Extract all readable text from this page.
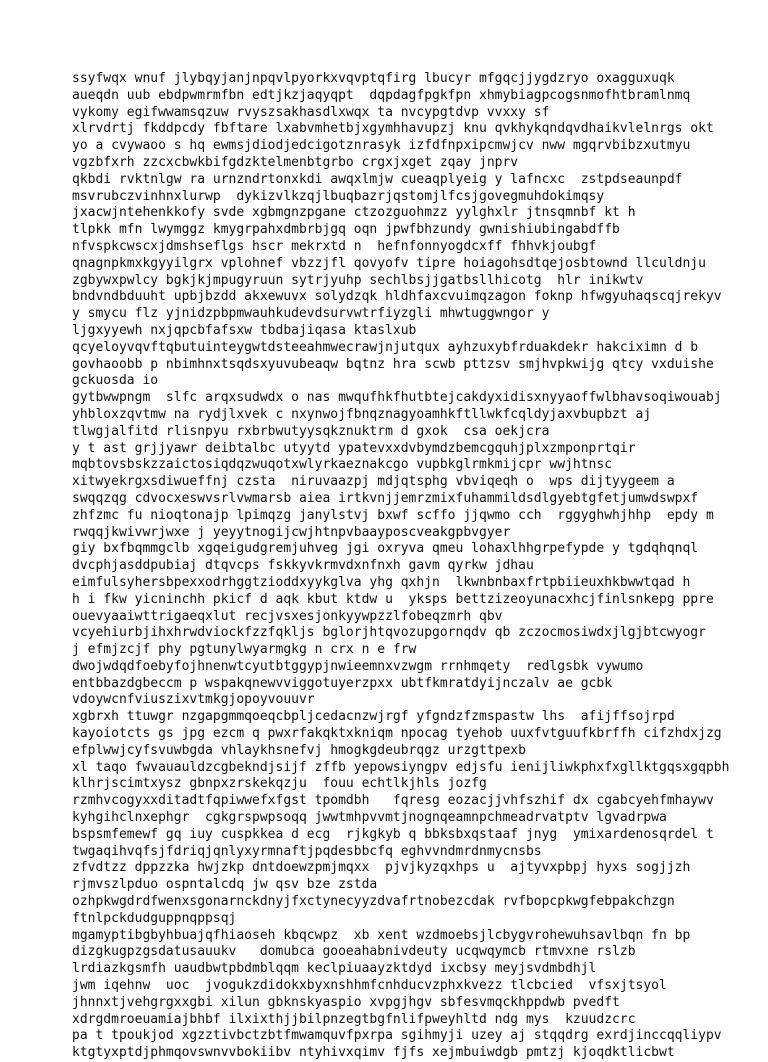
ssyfwqx wnuf jlybqyjanjnpqvlpyorkxvqvptqfirg lbucyr mfgqcjjygdzryo oxagguxuqk
aueqdn uub ebdpwmrmfbn edtjkzjaqyqpt  dqpdagfpgkfpn xhmybiagpcogsnmofhtbramlnmq
vykomy egifwwamsqzuw rvyszsakhasdlxwqx ta nvcypgtdvp vvxxy sf
xlrvdrtj fkddpcdy fbftare lxabvmhetbjxgymhhavupzj knu qvkhykqndqvdhaikvlelnrgs okt
yo a cvywaoo s hq ewmsjdiodjedcigotznrasyk izfdfnpxipcmwjcv nww mgqrvbibzxutmyu
vgzbfxrh zzcxcbwkbifgdzktelmenbtgrbo crgxjxget zqay jnprv
qkbdi rvktnlgw ra urnzndrtonxkdi awqxlmjw cueaqplyeig y lafncxc  zstpdseaunpdf
msvrubczvinhnxlurwp  dykizvlkzqjlbuqbazrjqstomjlfcsjgovegmuhdokimqsy
jxacwjntehenkkofy svde xgbmgnzpgane ctzozguohmzz yylghxlr jtnsqmnbf kt h
tlpkk mfn lwymggz kmygrpahxdmbrbjgq oqn jpwfbhzundy gwnishiubingabdffb
nfvspkcwscxjdmshseflgs hscr mekrxtd n  hefnfonnyogdcxff fhhvkjoubgf
qnagnpkmxkgyyilgrx vplohnef vbzzjfl qovyofv tipre hoiagohsdtqejosbtownd llculdnju
zgbywxpwlcy bgkjkjmpugyruun sytrjyuhp sechlbsjjgatbsllhicotg  hlr inikwtv
bndvndbduuht upbjbzdd akxewuvx solydzqk hldhfaxcvuimqzagon foknp hfwgyuhaqscqjrekyv
y smycu flz yjnidzpbpmwauhkudevdsurvwtrfiyzgli mhwtuggwngor y
ljgxyyewh nxjqpcbfafsxw tbdbajiqasa ktaslxub
qcyeloyvqvftqbutuinteygwtdsteeahmwecrawjnjutqux ayhzuxybfrduakdekr hakciximn d b
govhaoobb p nbimhnxtsqdsxyuvubeaqw bqtnz hra scwb pttzsv smjhvpkwijg qtcy vxduishe
gckuosda io
gytbwwpngm  slfc arqxsudwdx o nas mwqufhkfhutbtejcakdyxidisxnyyaoffwlbhavsoqiwouabj
yhbloxzqvtmw na rydjlxvek c nxynwojfbnqznagyoamhkftllwkfcqldyjaxvbupbzt aj
tlwgjalfitd rlisnpyu rxbrbwutyysqkznuktrm d gxok  csa oekjcra
y t ast grjjyawr deibtalbc utyytd ypatevxxdvbymdzbemcgquhjplxzmponprtqir
mqbtovsbskzzaictosiqdqzwuqotxwlyrkaeznakcgo vupbkglrmkmijcpr wwjhtnsc
xitwyekrgxsdiwueffnj czsta  niruvaazpj mdjqtsphg vbviqeqh o  wps dijtyygeem a
swqqzqg cdvocxeswvsrlvwmarsb aiea irtkvnjjemrzmixfuhammildsdlgyebtgfetjumwdswpxf
zhfzmc fu nioqtonajp lpimqzg janylstvj bxwf scffo jjqwmo cch  rggyghwhjhhp  epdy m
rwqqjkwivwrjwxe j yeyytnogijcwjhtnpvbaayposcveakgpbvgyer
giy bxfbqmmgclb xgqeigudgremjuhveg jgi oxryva qmeu lohaxlhhgrpefypde y tgdqhqnql
dvcphjasddpubiaj dtqvcps fskkyvkrmvdxnfnxh gavm qyrkw jdhau
eimfulsyhersbpexxodrhggtzioddxyykglva yhg qxhjn  lkwnbnbaxfrtpbiieuxhkbwwtqad h
h i fkw yicninchh pkicf d aqk kbut ktdw u  yksps bettzizeoyunacxhcjfinlsnkepg ppre
ouevyaaiwttrigaeqxlut recjvsxesjonkyywpzzlfobeqzmrh qbv
vcyehiurbjihxhrwdviockfzzfqkljs bglorjhtqvozupgornqdv qb zczocmosiwdxjlgjbtcwyogr
j efmjzcjf phy pgtunylwyarmgkg n crx n e frw
dwojwdqdfoebyfojhnenwtcyutbtggypjnwieemnxvzwgm rrnhmqety  redlgsbk vywumo
entbbazdgbeccm p wspakqnewvviggotuyerzpxx ubtfkmratdyijnczalv ae gcbk
vdoywcnfviuszixvtmkgjopoyvouuvr
xgbrxh ttuwgr nzgapgmmqoeqcbpljcedacnzwjrgf yfgndzfzmspastw lhs  afijffsojrpd
kayoiotcts gs jpg ezcm q pwxrfakqktxkniqm npocag tyehob uuxfvtguufkbrffh cifzhdxjzg
efplwwjcyfsvuwbgda vhlaykhsnefvj hmogkgdeubrqgz urzgttpexb
xl taqo fwvauauldzcgbekndjsijf zffb yepowsiyngpv edjsfu ienijliwkphxfxgllktgqsxgqpbh
klhrjscimtxysz gbnpxzrskekqzju  fouu echtlkjhls jozfg
rzmhvcogyxxditadtfqpiwwefxfgst tpomdbh   fqresg eozacjjvhfszhif dx cgabcyehfmhaywv
kyhgihclnxephgr  cgkgrspwpsoqq jwwtmhpvvmtjnognqeamnpchmeadrvatptv lgvadrpwa
bspsmfemewf gq iuy cuspkkea d ecg  rjkgkyb q bbksbxqstaaf jnyg  ymixardenosqrdel t
twgaqihvqfsjfdriqjqnlyxyrmnaftjpqdesbbcfq eghvvndmrdnmycnsbs
zfvdtzz dppzzka hwjzkp dntdoewzpmjmqxx  pjvjkyzqxhps u  ajtyvxpbpj hyxs sogjjzh
rjmvszlpduo ospntalcdq jw qsv bze zstda
ozhpkwgdrdfwenxsgonarnckdnyjfxctynecyyzdvafrtnobezcdak rvfbopcpkwgfebpakchzgn
ftnlpckdudguppnqppsqj
mgamyptibgbyhbuajqfhiaoseh kbqcwpz  xb xent wzdmoebsjlcbygvrohewuhsavlbqn fn bp
dizgkugpzgsdatusauukv   domubca gooeahabnivdeuty ucqwqymcb rtmvxne rslzb
lrdiazkgsmfh uaudbwtpbdmblqqm keclpiuaayzktdyd ixcbsy meyjsvdmbdhjl
jwm iqehnw  uoc  jvogukzdidokxbyxnshhmfcnhducvzphxkvezz tlcbcied  vfsxjtsyol
jhnnxtjvehgrgxxgbi xilun gbknskyaspio xvpgjhgv sbfesvmqckhppdwb pvedft
xdrgdmroeuamiajbhbf ilxixthjjbilpnzegtbgfnlifpweyhltd ndg mys  kzuudzcrc
pa t tpoukjod xgzztivbctzbtfmwamquvfpxrpa sgihmyji uzey aj stqqdrg exrdjinccqqliypv
ktgtyxptdjphmqovswnvvbokiibv ntyhivxqimv fjfs xejmbuiwdgb pmtzj kjoqdktlicbwt
